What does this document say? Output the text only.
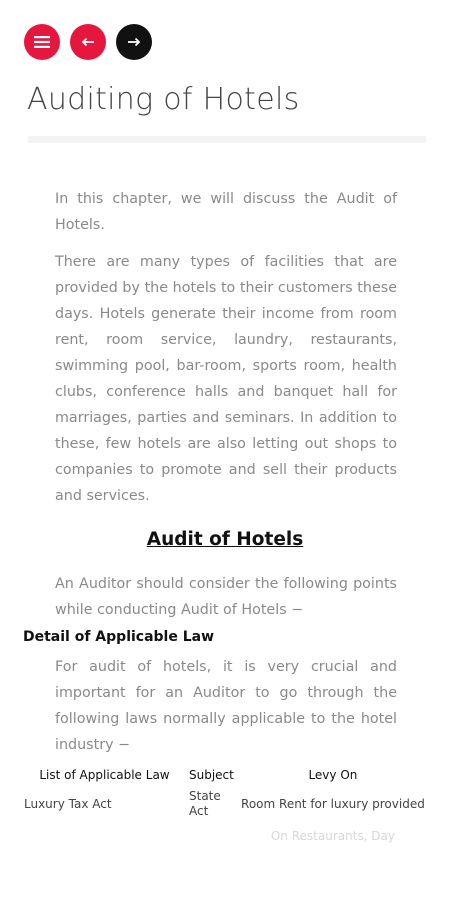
Auditing of Hotels

In this chapter, we will discuss the Audit of Hotels.

There are many types of facilities that are provided by the hotels to their customers these days. Hotels generate their income from room rent, room service, laundry, restaurants, swimming pool, bar-room, sports room, health clubs, conference halls and banquet hall for marriages, parties and seminars. In addition to these, few hotels are also letting out shops to companies to promote and sell their products and services.

Audit of Hotels

An Auditor should consider the following points while conducting Audit of Hotels −

Detail of Applicable Law

For audit of hotels, it is very crucial and important for an Auditor to go through the following laws normally applicable to the hotel industry −

List of Applicable Law	Subject	Levy On
Luxury Tax Act	State Act	Room Rent for luxury provided
		On Restaurants, Day
